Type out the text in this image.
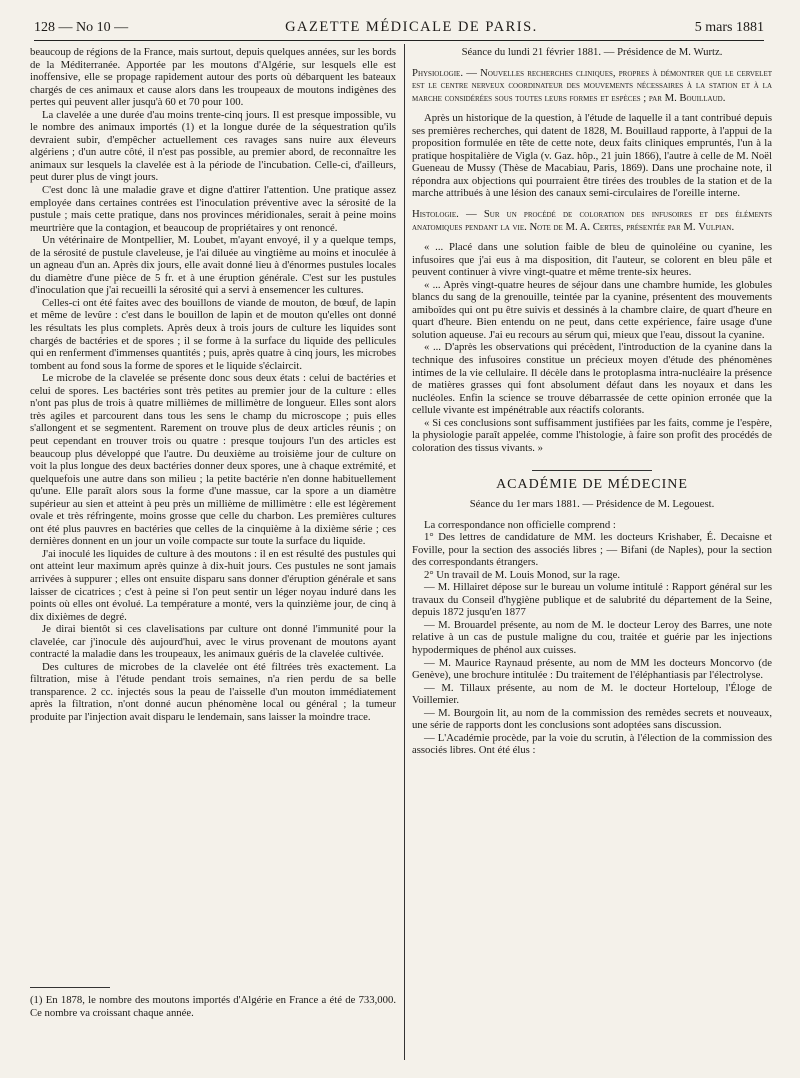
128 — No 10 —	GAZETTE MÉDICALE DE PARIS.	5 mars 1881

beaucoup de régions de la France, mais surtout, depuis quelques années, sur les bords de la Méditerranée. Apportée par les moutons d'Algérie, sur lesquels elle est inoffensive, elle se propage rapidement autour des ports où débarquent les bateaux chargés de ces animaux et cause alors dans les troupeaux de moutons indigènes des pertes qui peuvent aller jusqu'à 60 et 70 pour 100.

La clavelée a une durée d'au moins trente-cinq jours. Il est presque impossible, vu le nombre des animaux importés (1) et la longue durée de la séquestration qu'ils devraient subir, d'empêcher actuellement ces ravages sans nuire aux éleveurs algériens ; d'un autre côté, il n'est pas possible, au premier abord, de reconnaître les animaux sur lesquels la clavelée est à la période de l'incubation. Celle-ci, d'ailleurs, peut durer plus de vingt jours.

C'est donc là une maladie grave et digne d'attirer l'attention. Une pratique assez employée dans certaines contrées est l'inoculation préventive avec la sérosité de la pustule ; mais cette pratique, dans nos provinces méridionales, serait à peine moins meurtrière que la contagion, et beaucoup de propriétaires y ont renoncé.

Un vétérinaire de Montpellier, M. Loubet, m'ayant envoyé, il y a quelque temps, de la sérosité de pustule claveleuse, je l'ai diluée au vingtième au moins et inoculée à un agneau d'un an. Après dix jours, elle avait donné lieu à d'énormes pustules locales du diamètre d'une pièce de 5 fr. et à une éruption générale. C'est sur les pustules d'inoculation que j'ai recueilli la sérosité qui a servi à ensemencer les cultures.

Celles-ci ont été faites avec des bouillons de viande de mouton, de bœuf, de lapin et même de levûre : c'est dans le bouillon de lapin et de mouton qu'elles ont donné les résultats les plus complets. Après deux à trois jours de culture les liquides sont chargés de bactéries et de spores ; il se forme à la surface du liquide des pellicules qui en renferment d'immenses quantités ; puis, après quatre à cinq jours, les microbes tombent au fond sous la forme de spores et le liquide s'éclaircit.

Le microbe de la clavelée se présente donc sous deux états : celui de bactéries et celui de spores. Les bactéries sont très petites au premier jour de la culture : elles n'ont pas plus de trois à quatre millièmes de millimètre de longueur. Elles sont alors très agiles et parcourent dans tous les sens le champ du microscope ; puis elles s'allongent et se segmentent. Rarement on trouve plus de deux articles réunis ; on peut cependant en trouver trois ou quatre : presque toujours l'un des articles est beaucoup plus développé que l'autre. Du deuxième au troisième jour de culture on voit la plus longue des deux bactéries donner deux spores, une à chaque extrémité, et quelquefois une autre dans son milieu ; la petite bactérie n'en donne habituellement qu'une. Elle paraît alors sous la forme d'une massue, car la spore a un diamètre supérieur au sien et atteint à peu près un millième de millimètre : elle est légèrement ovale et très réfringente, moins grosse que celle du charbon. Les premières cultures ont été plus pauvres en bactéries que celles de la cinquième à la dixième série ; ces dernières donnent en un jour un voile compacte sur toute la surface du liquide.

J'ai inoculé les liquides de culture à des moutons : il en est résulté des pustules qui ont atteint leur maximum après quinze à dix-huit jours. Ces pustules ne sont jamais arrivées à suppurer ; elles ont ensuite disparu sans donner d'éruption générale et sans laisser de cicatrices ; c'est à peine si l'on peut sentir un léger noyau induré dans les points où elles ont évolué. La température a monté, vers la quinzième jour, de cinq à dix dixièmes de degré.

Je dirai bientôt si ces clavelisations par culture ont donné l'immunité pour la clavelée, car j'inocule dès aujourd'hui, avec le virus provenant de moutons ayant contracté la maladie dans les troupeaux, les animaux guéris de la clavelée cultivée.

Des cultures de microbes de la clavelée ont été filtrées très exactement. La filtration, mise à l'étude pendant trois semaines, n'a rien perdu de sa belle transparence. 2 cc. injectés sous la peau de l'aisselle d'un mouton immédiatement après la filtration, n'ont donné aucun phénomène local ou général ; la tumeur produite par l'injection avait disparu le lendemain, sans laisser la moindre trace.

(1) En 1878, le nombre des moutons importés d'Algérie en France a été de 733,000. Ce nombre va croissant chaque année.

Séance du lundi 21 février 1881. — Présidence de M. Wurtz.

Physiologie. — Nouvelles recherches cliniques, propres à démontrer que le cervelet est le centre nerveux coordinateur des mouvements nécessaires à la station et à la marche considérées sous toutes leurs formes et espèces ; par M. Bouillaud.

Après un historique de la question, à l'étude de laquelle il a tant contribué depuis ses premières recherches, qui datent de 1828, M. Bouillaud rapporte, à l'appui de la proposition formulée en tête de cette note, deux faits cliniques empruntés, l'un à la pratique hospitalière de Vigla (v. Gaz. hôp., 21 juin 1866), l'autre à celle de M. Noël Gueneau de Mussy (Thèse de Macabiau, Paris, 1869). Dans une prochaine note, il répondra aux objections qui pourraient être tirées des troubles de la station et de la marche attribués à une lésion des canaux semi-circulaires de l'oreille interne.

Histologie. — Sur un procédé de coloration des infusoires et des éléments anatomiques pendant la vie. Note de M. A. Certes, présentée par M. Vulpian.

« ... Placé dans une solution faible de bleu de quinoléine ou cyanine, les infusoires que j'ai eus à ma disposition, dit l'auteur, se colorent en bleu pâle et peuvent continuer à vivre vingt-quatre et même trente-six heures.

« ... Après vingt-quatre heures de séjour dans une chambre humide, les globules blancs du sang de la grenouille, teintée par la cyanine, présentent des mouvements amiboïdes qui ont pu être suivis et dessinés à la chambre claire, de quart d'heure en quart d'heure. Bien entendu on ne peut, dans cette expérience, faire usage d'une solution aqueuse. J'ai eu recours au sérum qui, mieux que l'eau, dissout la cyanine.

« ... D'après les observations qui précèdent, l'introduction de la cyanine dans la technique des infusoires constitue un précieux moyen d'étude des phénomènes intimes de la vie cellulaire. Il décèle dans le protoplasma intra-nucléaire la présence de matières grasses qui font absolument défaut dans les noyaux et dans les nucléoles. Enfin la science se trouve débarrassée de cette opinion erronée que la cellule vivante est impénétrable aux réactifs colorants.

« Si ces conclusions sont suffisamment justifiées par les faits, comme je l'espère, la physiologie paraît appelée, comme l'histologie, à faire son profit des procédés de coloration des tissus vivants. »

ACADÉMIE DE MÉDECINE

Séance du 1er mars 1881. — Présidence de M. Legouest.

La correspondance non officielle comprend :

1° Des lettres de candidature de MM. les docteurs Krishaber, É. Decaisne et Foville, pour la section des associés libres ; — Bifani (de Naples), pour la section des correspondants étrangers.

2° Un travail de M. Louis Monod, sur la rage.

— M. Hillairet dépose sur le bureau un volume intitulé : Rapport général sur les travaux du Conseil d'hygiène publique et de salubrité du département de la Seine, depuis 1872 jusqu'en 1877

— M. Brouardel présente, au nom de M. le docteur Leroy des Barres, une note relative à un cas de pustule maligne du cou, traitée et guérie par les injections hypodermiques de phénol aux cuisses.

— M. Maurice Raynaud présente, au nom de MM les docteurs Moncorvo (de Genève), une brochure intitulée : Du traitement de l'éléphantiasis par l'électrolyse.

— M. Tillaux présente, au nom de M. le docteur Horteloup, l'Éloge de Voillemier.

— M. Bourgoin lit, au nom de la commission des remèdes secrets et nouveaux, une série de rapports dont les conclusions sont adoptées sans discussion.

— L'Académie procède, par la voie du scrutin, à l'élection de la commission des associés libres. Ont été élus :
